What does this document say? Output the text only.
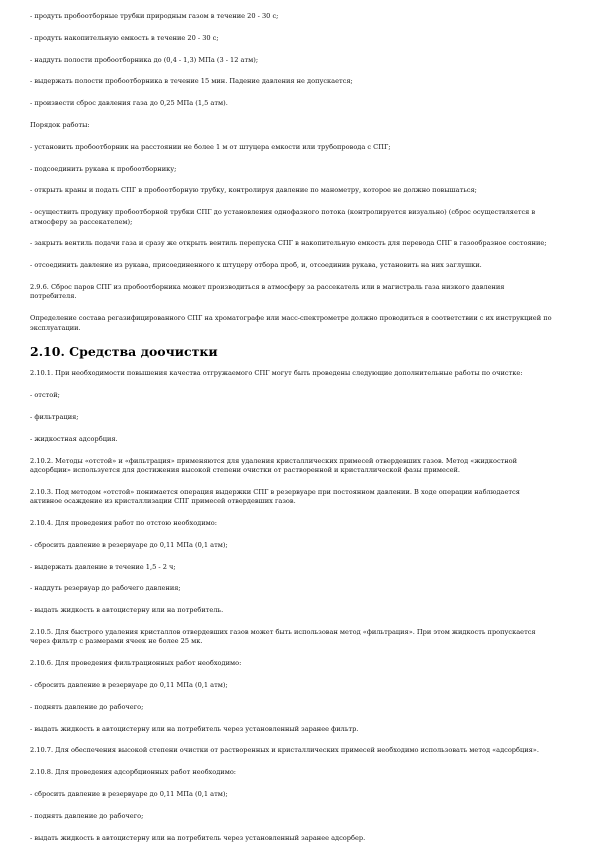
- продуть пробоотборные трубки природным газом в течение 20 - 30 с;

- продуть накопительную емкость в течение 20 - 30 с;

- наддуть полости пробоотборника до (0,4 - 1,3) МПа (3 - 12 атм);

- выдержать полости пробоотборника в течение 15 мин. Падение давления не допускается;

- произвести сброс давления газа до 0,25 МПа (1,5 атм).

Порядок работы:

- установить пробоотборник на расстоянии не более 1 м от штуцера емкости или трубопровода с СПГ;

- подсоединить рукава к пробоотборнику;

- открыть краны и подать СПГ в пробоотборную трубку, контролируя давление по манометру, которое не должно повышаться;

- осуществить продувку пробоотборной трубки СПГ до установления однофазного потока (контролируется визуально) (сброс осуществляется в атмосферу за рассекателем);

- закрыть вентиль подачи газа и сразу же открыть вентиль перепуска СПГ в накопительную емкость для перевода СПГ в газообразное состояние;

- отсоединить давление из рукава, присоединенного к штуцеру отбора проб, и, отсоединив рукава, установить на них заглушки.

2.9.6. Сброс паров СПГ из пробоотборника может производиться в атмосферу за рассекатель или в магистраль газа низкого давления потребителя.

Определение состава регазифицированного СПГ на хроматографе или масс-спектрометре должно проводиться в соответствии с их инструкцией по эксплуатации.

2.10. Средства доочистки

2.10.1. При необходимости повышения качества отгружаемого СПГ могут быть проведены следующие дополнительные работы по очистке:

- отстой;

- фильтрация;

- жидкостная адсорбция.

2.10.2. Методы «отстой» и «фильтрация» применяются для удаления кристаллических примесей отвердевших газов. Метод «жидкостной адсорбции» используется для достижения высокой степени очистки от растворенной и кристаллической фазы примесей.

2.10.3. Под методом «отстой» понимается операция выдержки СПГ в резервуаре при постоянном давлении. В ходе операции наблюдается активное осаждение из кристаллизации СПГ примесей отвердевших газов.

2.10.4. Для проведения работ по отстою необходимо:

- сбросить давление в резервуаре до 0,11 МПа (0,1 атм);

- выдержать давление в течение 1,5 - 2 ч;

- наддуть резервуар до рабочего давления;

- выдать жидкость в автоцистерну или на потребитель.

2.10.5. Для быстрого удаления кристаллов отвердевших газов может быть использован метод «фильтрация». При этом жидкость пропускается через фильтр с размерами ячеек не более 25 мк.

2.10.6. Для проведения фильтрационных работ необходимо:

- сбросить давление в резервуаре до 0,11 МПа (0,1 атм);

- поднять давление до рабочего;

- выдать жидкость в автоцистерну или на потребитель через установленный заранее фильтр.

2.10.7. Для обеспечения высокой степени очистки от растворенных и кристаллических примесей необходимо использовать метод «адсорбция».

2.10.8. Для проведения адсорбционных работ необходимо:

- сбросить давление в резервуаре до 0,11 МПа (0,1 атм);

- поднять давление до рабочего;

- выдать жидкость в автоцистерну или на потребитель через установленный заранее адсорбер.
